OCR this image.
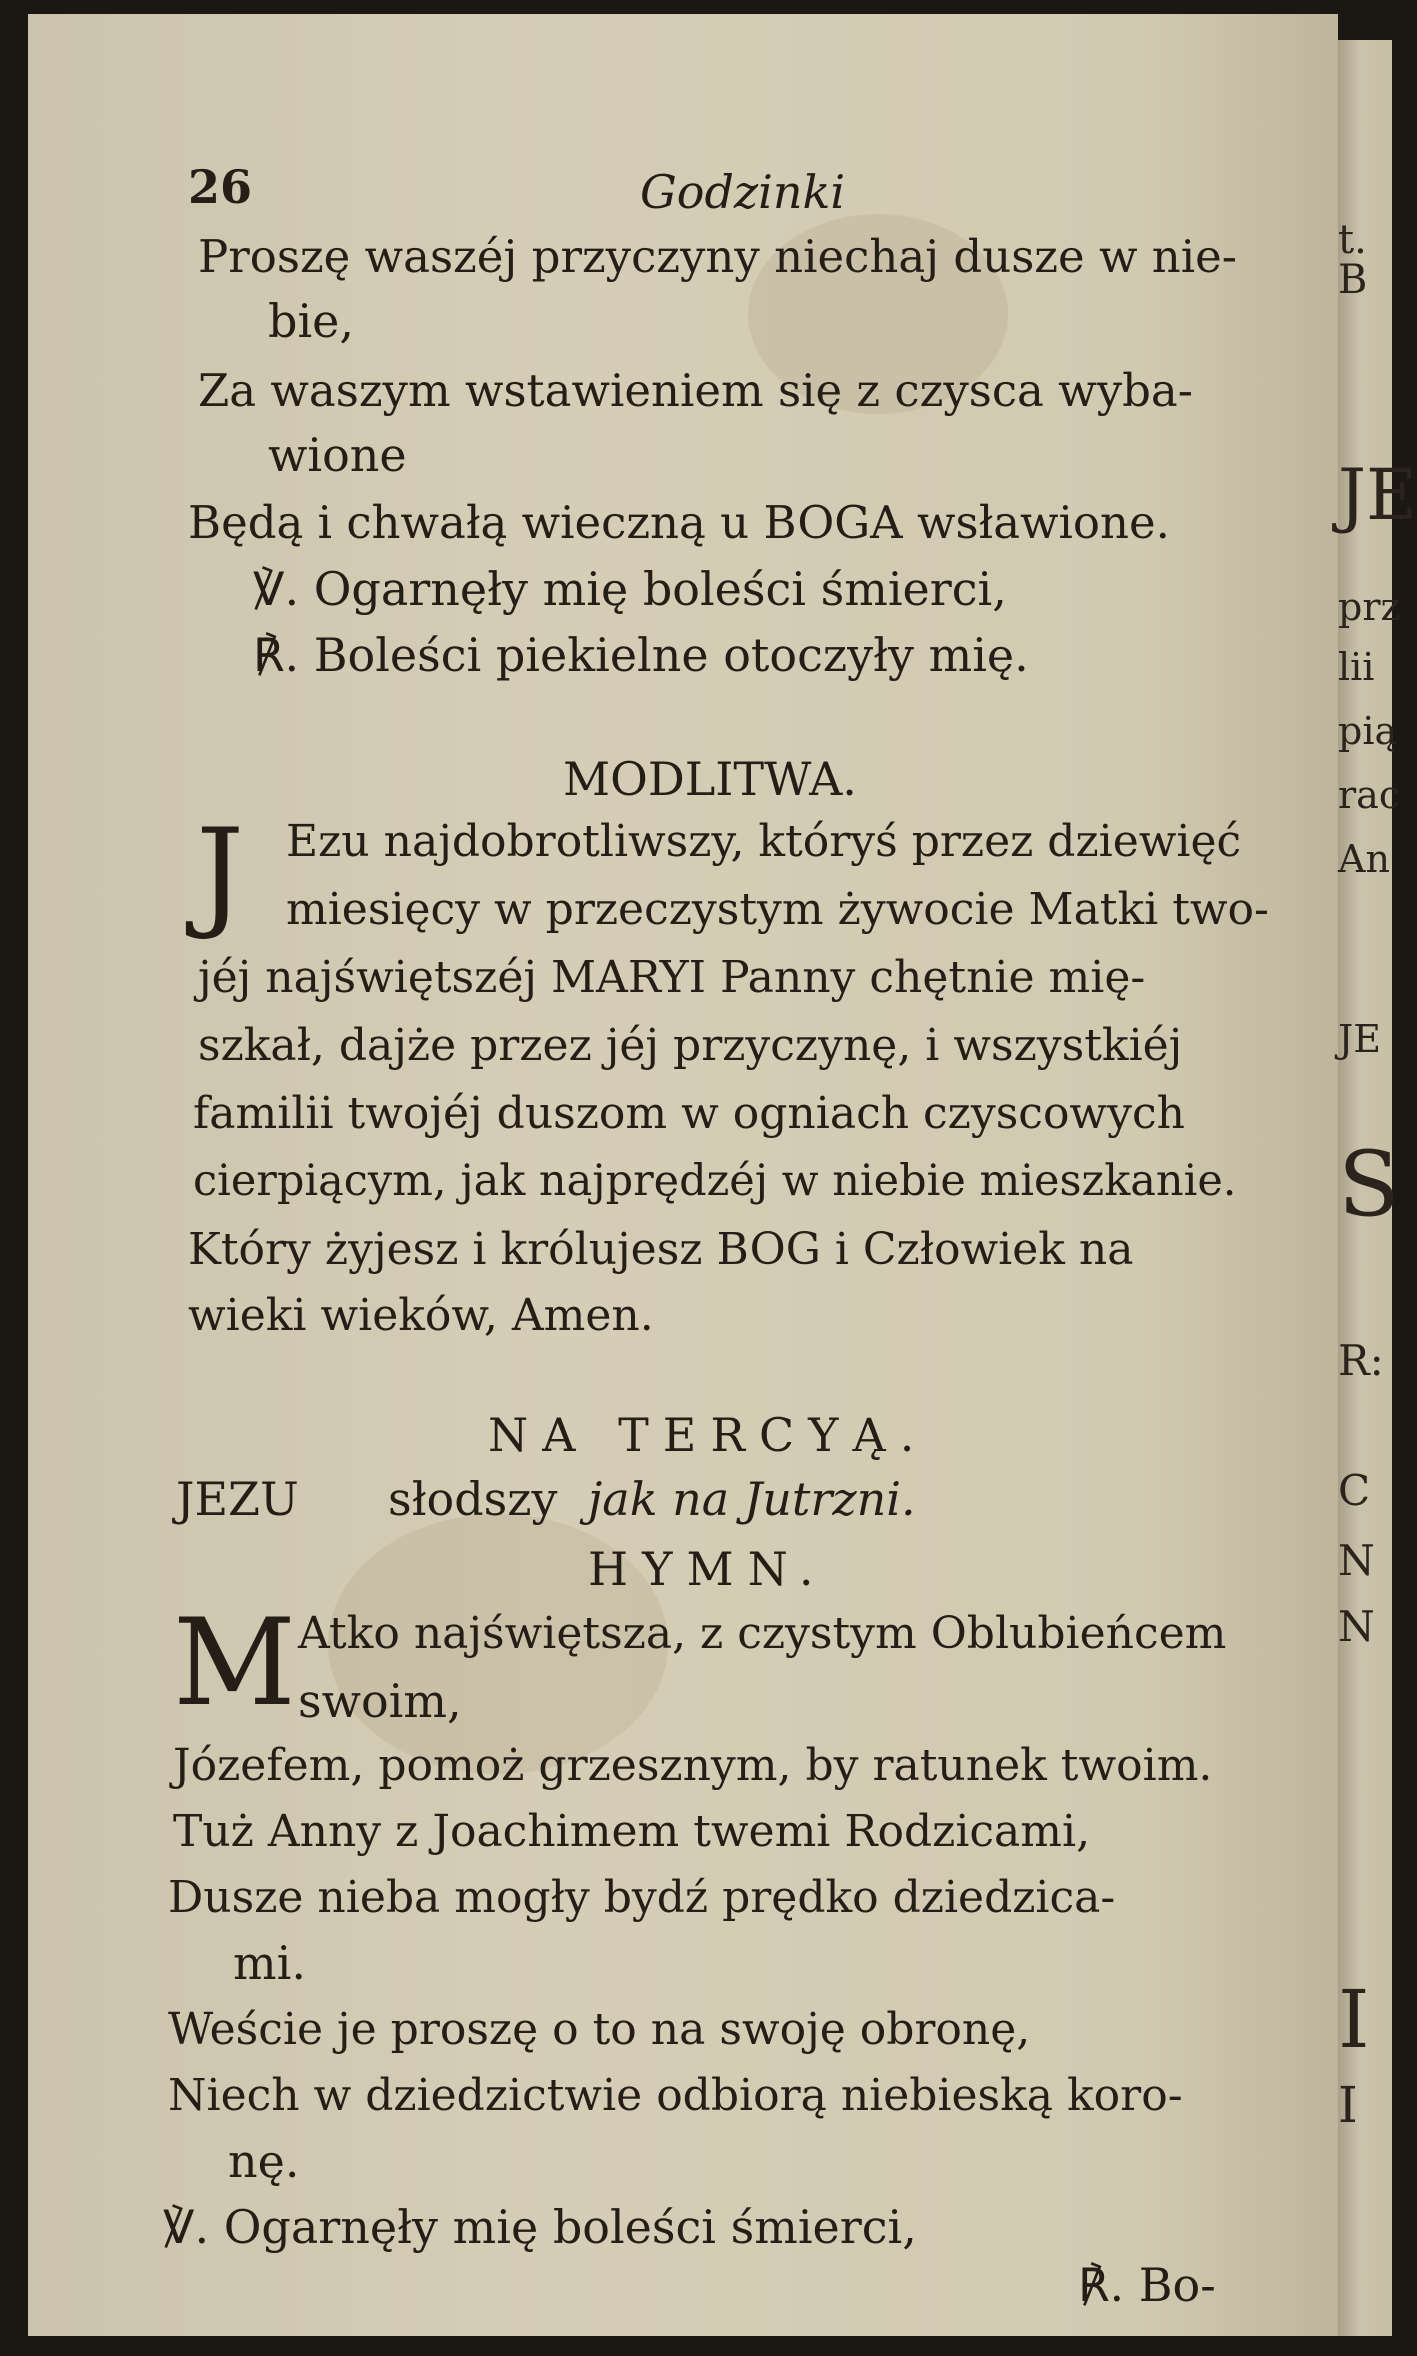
26	Godzinki
Proszę waszéj przyczyny niechaj dusze w nie-
bie,
Za waszym wstawieniem się z czysca wyba-
wione
Będą i chwałą wieczną u BOGA wsławione.
℣. Ogarnęły mię boleści śmierci,
℟. Boleści piekielne otoczyły mię.
MODLITWA.
J Ezu najdobrotliwszy, któryś przez dziewięć
miesięcy w przeczystym żywocie Matki two-
jéj najświętszéj MARYI Panny chętnie mię-
szkał, dajże przez jéj przyczynę, i wszystkiéj
familii twojéj duszom w ogniach czyscowych
cierpiącym, jak najprędzéj w niebie mieszkanie.
Który żyjesz i królujesz BOG i Człowiek na
wieki wieków, Amen.
NA TERCYĄ.
JEZU słodszy jak na Jutrzni.
HYMN.
M Atko najświętsza, z czystym Oblubieńcem
swoim,
Józefem, pomoż grzesznym, by ratunek twoim.
Tuż Anny z Joachimem twemi Rodzicami,
Dusze nieba mogły bydź prędko dziedzica-
mi.
Weście je proszę o to na swoję obronę,
Niech w dziedzictwie odbiorą niebieską koro-
nę.
℣. Ogarnęły mię boleści śmierci,
℟. Bo-
t. B
JE
prz
lii
pią
rac
An
JE
S
R:
C
N
N
I
I
